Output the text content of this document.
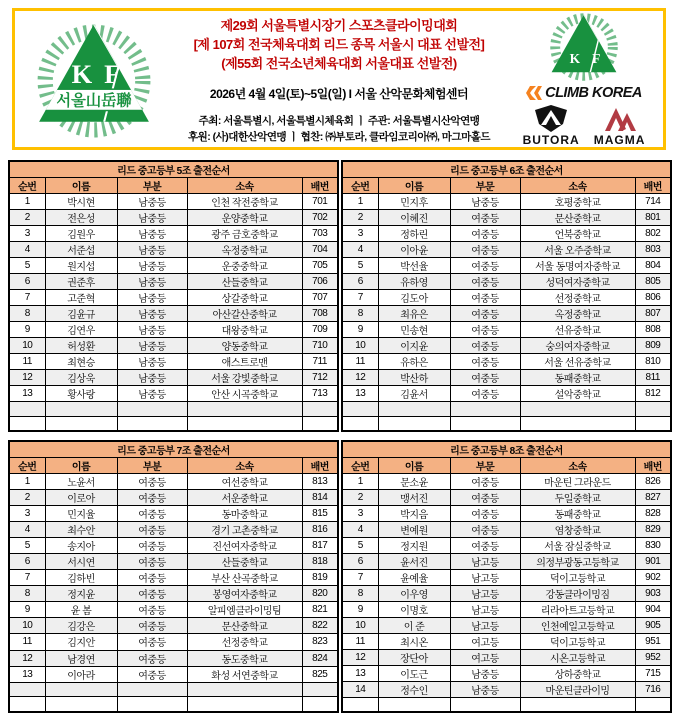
K F
서울山岳聯
제29회 서울특별시장기 스포츠클라이밍대회
[제 107회 전국체육대회 리드 종목 서울시 대표 선발전]
(제55회 전국소년체육대회 서울대표 선발전)
2026년 4월 4일(토)~5일(일) I 서울 산악문화체험센터
주최: 서울특별시, 서울특별시체육회 ㅣ 주관: 서울특별시산악연맹
후원: (사)대한산악연맹 ㅣ 협찬: ㈜부토라, 클라임코리아㈜, 마그마홀드
K F
CLIMB KOREA
BUTORA MAGMA
리드 중고등부 5조 출전순서				
순번	이름	부분	소속	배번
1	박시현	남중등	인천 작전중학교	701
2	전은성	남중등	운양중학교	702
3	김원우	남중등	광주 금호중학교	703
4	서준섭	남중등	옥정중학교	704
5	원지섭	남중등	운중중학교	705
6	권준후	남중등	산들중학교	706
7	고준혁	남중등	상갈중학교	707
8	김윤규	남중등	아산갈산중학교	708
9	김연우	남중등	대왕중학교	709
10	허성환	남중등	양동중학교	710
11	최현승	남중등	애스트로맨	711
12	김상욱	남중등	서울 강빛중학교	712
13	황사랑	남중등	안산 시곡중학교	713

리드 중고등부 6조 출전순서				
순번	이름	부문	소속	배번
1	민지후	남중등	호평중학교	714
2	이혜진	여중등	문산중학교	801
3	정하린	여중등	언북중학교	802
4	이아윤	여중등	서울 오주중학교	803
5	박선율	여중등	서울 동명여자중학교	804
6	유하영	여중등	성덕여자중학교	805
7	김도아	여중등	선정중학교	806
8	최유은	여중등	옥정중학교	807
9	민송현	여중등	선유중학교	808
10	이지윤	여중등	숭의여자중학교	809
11	유하은	여중등	서울 선유중학교	810
12	박산하	여중등	동패중학교	811
13	김윤서	여중등	설악중학교	812

리드 중고등부 7조 출전순서				
순번	이름	부분	소속	배번
1	노윤서	여중등	여선중학교	813
2	이로아	여중등	서운중학교	814
3	민지율	여중등	동마중학교	815
4	최수안	여중등	경기 고촌중학교	816
5	송지아	여중등	진선여자중학교	817
6	서시연	여중등	산들중학교	818
7	김하빈	여중등	부산 산곡중학교	819
8	정지윤	여중등	봉영여자중학교	820
9	윤 봄	여중등	알피엠클라이밍팀	821
10	김강은	여중등	문산중학교	822
11	김지안	여중등	선정중학교	823
12	남경연	여중등	동도중학교	824
13	이아라	여중등	화성 서연중학교	825

리드 중고등부 8조 출전순서				
순번	이름	부문	소속	배번
1	문소윤	여중등	마운틴 그라운드	826
2	맹서진	여중등	두일중학교	827
3	박지음	여중등	동패중학교	828
4	변예원	여중등	염창중학교	829
5	정지원	여중등	서울 잠실중학교	830
6	윤서진	남고등	의정부광동고등학교	901
7	윤예율	남고등	덕이고등학교	902
8	이우영	남고등	강동클라이밍짐	903
9	이명호	남고등	리라아트고등학교	904
10	이 준	남고등	인천예일고등학교	905
11	최시온	여고등	덕이고등학교	951
12	장단아	여고등	시온고등학교	952
13	이도근	남중등	상하중학교	715
14	정수인	남중등	마운틴클라이밍	716
